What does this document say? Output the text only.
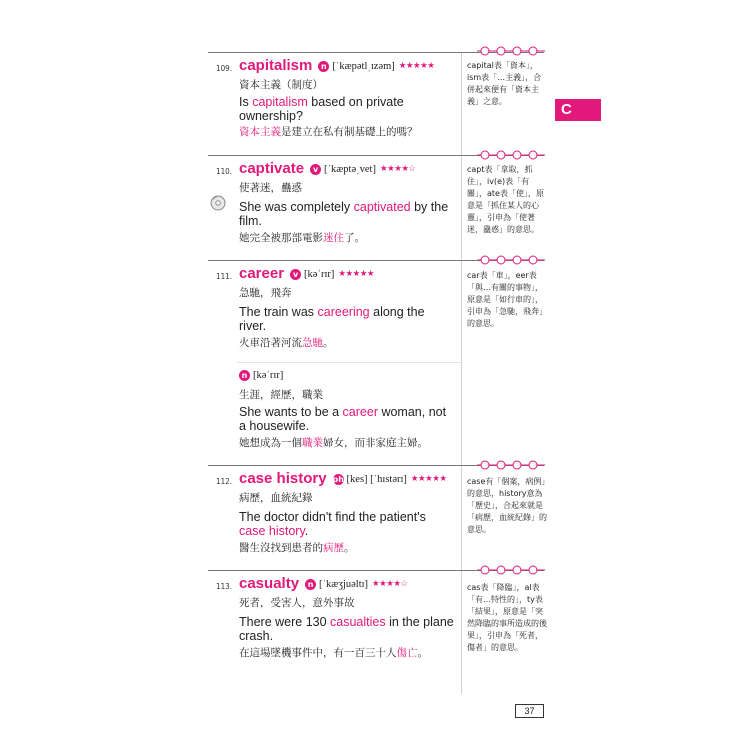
109. capitalism n [ˈkæpətlˌɪzəm] ★★★★★
資本主義（制度）
Is capitalism based on private ownership?
資本主義是建立在私有制基礎上的嗎？
capital表「資本」，ism表「…主義」，合併起來便有「資本主義」之意。
110. captivate v [ˈkæptəˌvet] ★★★★☆
使著迷，蠱惑
She was completely captivated by the film.
她完全被那部電影迷住了。
capt表「拿取，抓住」，iv(e)表「有關」，ate表「使」，原意是「抓住某人的心靈」，引申為「使著迷，蠱惑」的意思。
111. career v [kəˈrɪr] ★★★★★
急馳，飛奔
The train was careering along the river.
火車沿著河流急馳。
n [kəˈrɪr]
生涯，經歷，職業
She wants to be a career woman, not a housewife.
她想成為一個職業婦女，而非家庭主婦。
car表「車」，eer表「與…有關的事物」，原意是「如行車的」，引申為「急馳，飛奔」的意思。
112. case history ph [kes] [ˈhɪstərɪ] ★★★★★
病歷，血統紀錄
The doctor didn't find the patient's case history.
醫生沒找到患者的病歷。
case有「個案，病例」的意思，history意為「歷史」，合起來就是「病歷，血統紀錄」的意思。
113. casualty n [ˈkæʒjuəltɪ] ★★★★☆
死者，受害人，意外事故
There were 130 casualties in the plane crash.
在這場墜機事件中，有一百三十人傷亡。
cas表「降臨」，al表「有…特性的」，ty表「結果」，原意是「突然降臨的事所造成的後果」，引申為「死者，傷者」的意思。
C
37
